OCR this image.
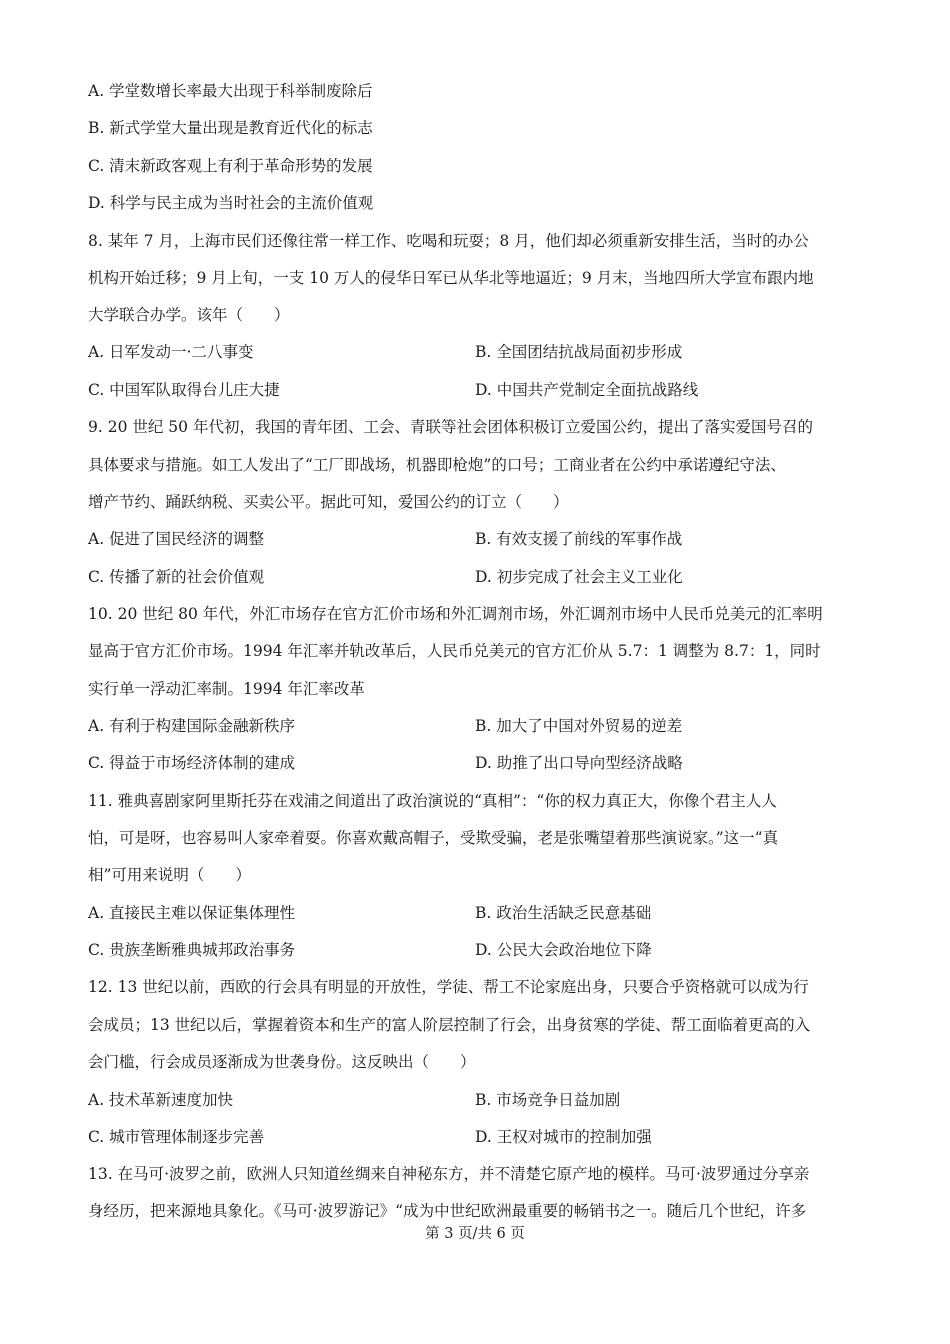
A. 学堂数增长率最大出现于科举制废除后
B. 新式学堂大量出现是教育近代化的标志
C. 清末新政客观上有利于革命形势的发展
D. 科学与民主成为当时社会的主流价值观
8. 某年 7 月，上海市民们还像往常一样工作、吃喝和玩耍；8 月，他们却必须重新安排生活，当时的办公
机构开始迁移；9 月上旬，一支 10 万人的侵华日军已从华北等地逼近；9 月末，当地四所大学宣布跟内地
大学联合办学。该年（　　）
A. 日军发动一·二八事变	B. 全国团结抗战局面初步形成
C. 中国军队取得台儿庄大捷	D. 中国共产党制定全面抗战路线
9. 20 世纪 50 年代初，我国的青年团、工会、青联等社会团体积极订立爱国公约，提出了落实爱国号召的
具体要求与措施。如工人发出了“工厂即战场，机器即枪炮”的口号；工商业者在公约中承诺遵纪守法、
增产节约、踊跃纳税、买卖公平。据此可知，爱国公约的订立（　　）
A. 促进了国民经济的调整	B. 有效支援了前线的军事作战
C. 传播了新的社会价值观	D. 初步完成了社会主义工业化
10. 20 世纪 80 年代，外汇市场存在官方汇价市场和外汇调剂市场，外汇调剂市场中人民币兑美元的汇率明
显高于官方汇价市场。1994 年汇率并轨改革后，人民币兑美元的官方汇价从 5.7：1 调整为 8.7：1，同时
实行单一浮动汇率制。1994 年汇率改革
A. 有利于构建国际金融新秩序	B. 加大了中国对外贸易的逆差
C. 得益于市场经济体制的建成	D. 助推了出口导向型经济战略
11. 雅典喜剧家阿里斯托芬在戏浦之间道出了政治演说的“真相”：“你的权力真正大，你像个君主人人
怕，可是呀，也容易叫人家牵着耍。你喜欢戴高帽子，受欺受骗，老是张嘴望着那些演说家。”这一“真
相”可用来说明（　　）
A. 直接民主难以保证集体理性	B. 政治生活缺乏民意基础
C. 贵族垄断雅典城邦政治事务	D. 公民大会政治地位下降
12. 13 世纪以前，西欧的行会具有明显的开放性，学徒、帮工不论家庭出身，只要合乎资格就可以成为行
会成员；13 世纪以后，掌握着资本和生产的富人阶层控制了行会，出身贫寒的学徒、帮工面临着更高的入
会门槛，行会成员逐渐成为世袭身份。这反映出（　　）
A. 技术革新速度加快	B. 市场竞争日益加剧
C. 城市管理体制逐步完善	D. 王权对城市的控制加强
13. 在马可·波罗之前，欧洲人只知道丝绸来自神秘东方，并不清楚它原产地的模样。马可·波罗通过分享亲
身经历，把来源地具象化。《马可·波罗游记》“成为中世纪欧洲最重要的畅销书之一。随后几个世纪，许多
第 3 页/共 6 页
